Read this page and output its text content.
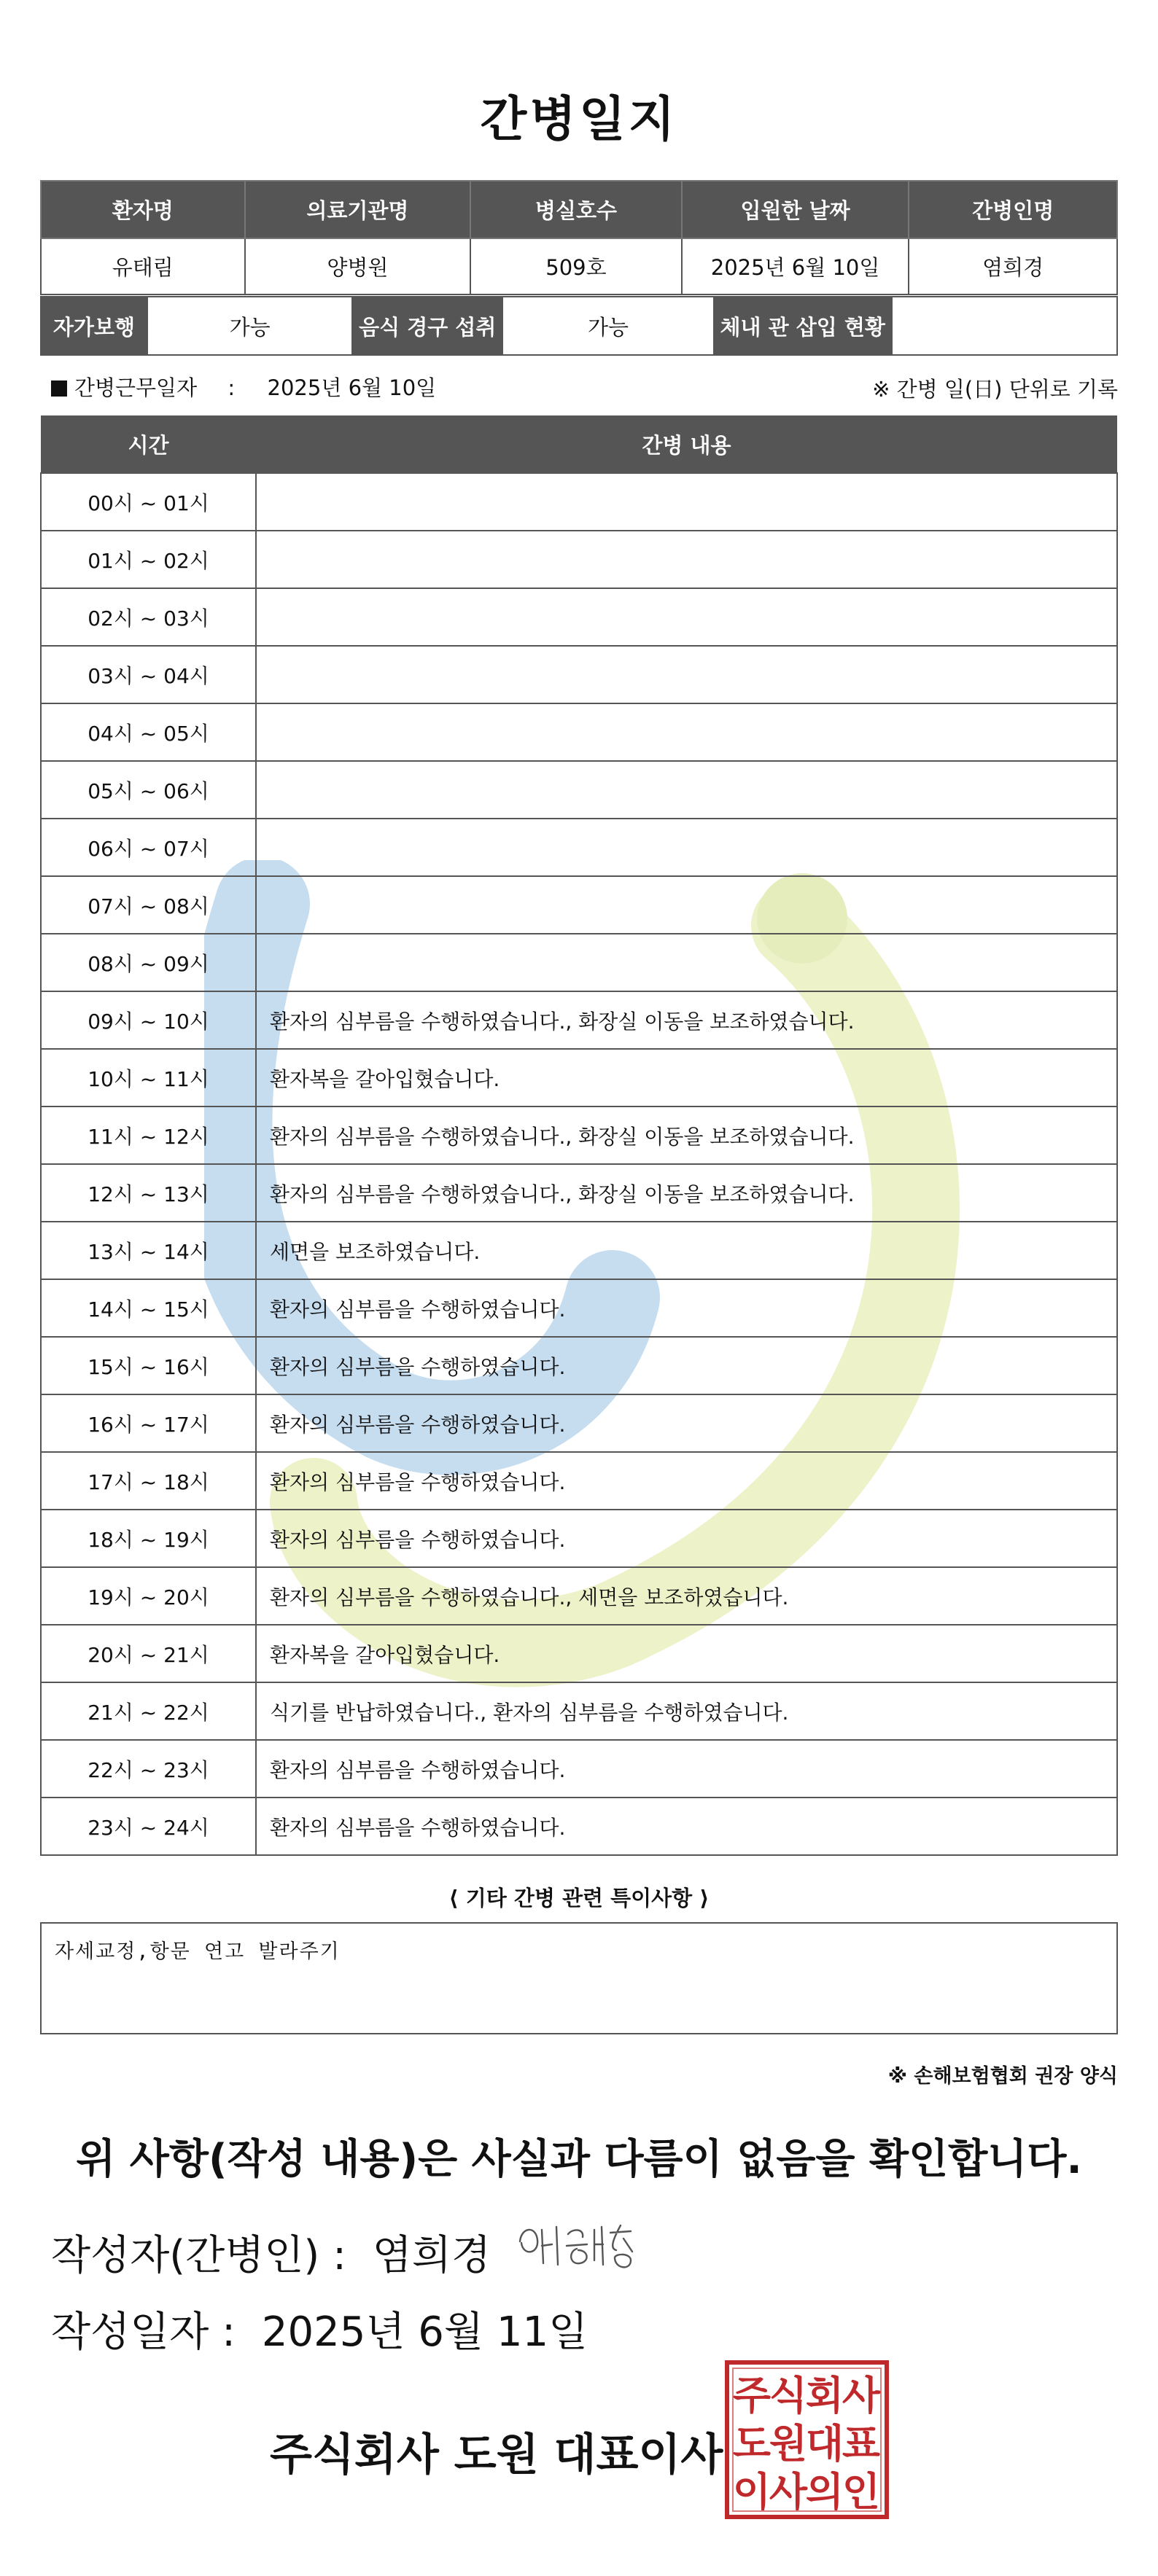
간병일지
환자명	의료기관명	병실호수	입원한 날짜	간병인명
유태림	양병원	509호	2025년 6월 10일	염희경
자가보행	가능	음식 경구 섭취	가능	체내 관 삽입 현황	
간병근무일자 : 2025년 6월 10일	※ 간병 일(日) 단위로 기록
시간	간병 내용
00시 ~ 01시	
01시 ~ 02시	
02시 ~ 03시	
03시 ~ 04시	
04시 ~ 05시	
05시 ~ 06시	
06시 ~ 07시	
07시 ~ 08시	
08시 ~ 09시	
09시 ~ 10시	환자의 심부름을 수행하였습니다., 화장실 이동을 보조하였습니다.
10시 ~ 11시	환자복을 갈아입혔습니다.
11시 ~ 12시	환자의 심부름을 수행하였습니다., 화장실 이동을 보조하였습니다.
12시 ~ 13시	환자의 심부름을 수행하였습니다., 화장실 이동을 보조하였습니다.
13시 ~ 14시	세면을 보조하였습니다.
14시 ~ 15시	환자의 심부름을 수행하였습니다.
15시 ~ 16시	환자의 심부름을 수행하였습니다.
16시 ~ 17시	환자의 심부름을 수행하였습니다.
17시 ~ 18시	환자의 심부름을 수행하였습니다.
18시 ~ 19시	환자의 심부름을 수행하였습니다.
19시 ~ 20시	환자의 심부름을 수행하였습니다., 세면을 보조하였습니다.
20시 ~ 21시	환자복을 갈아입혔습니다.
21시 ~ 22시	식기를 반납하였습니다., 환자의 심부름을 수행하였습니다.
22시 ~ 23시	환자의 심부름을 수행하였습니다.
23시 ~ 24시	환자의 심부름을 수행하였습니다.
⟨ 기타 간병 관련 특이사항 ⟩
자세교정,항문 연고 발라주기
※ 손해보험협회 권장 양식
위 사항(작성 내용)은 사실과 다름이 없음을 확인합니다.
작성자(간병인) : 염희경
작성일자 : 2025년 6월 11일
주식회사 도원 대표이사
주
식
회
사
도
원
대
표
이
사
의
인
